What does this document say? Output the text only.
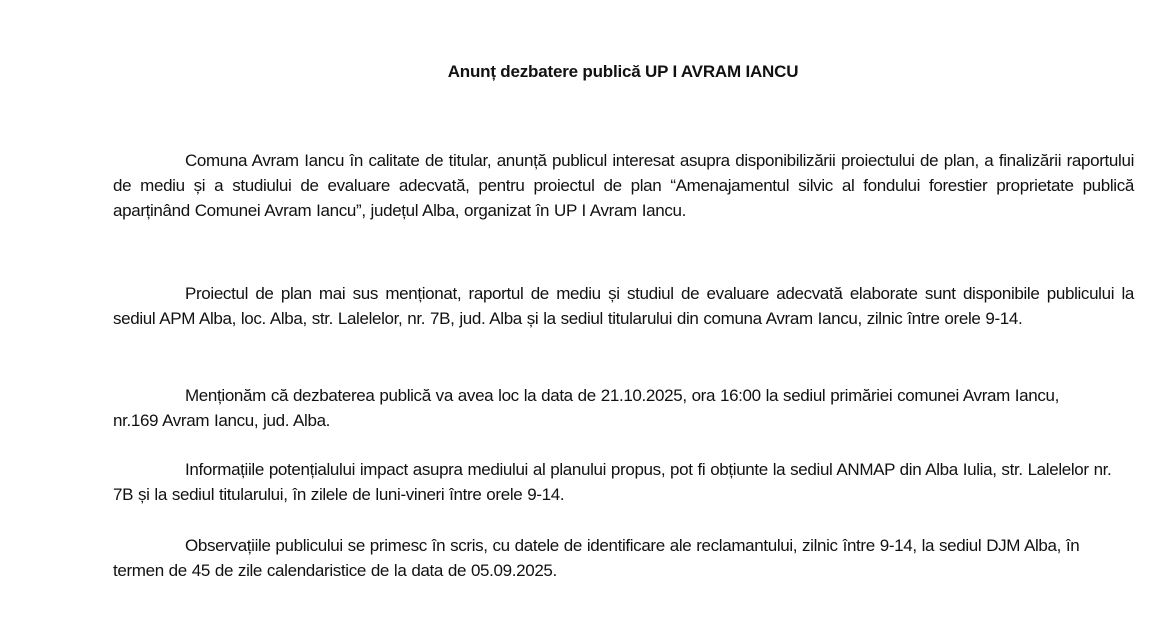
Anunț dezbatere publică UP I AVRAM IANCU

Comuna Avram Iancu în calitate de titular, anunță publicul interesat asupra disponibilizării proiectului de plan, a finalizării raportului de mediu și a studiului de evaluare adecvată, pentru proiectul de plan “Amenajamentul silvic al fondului forestier proprietate publică aparținând Comunei Avram Iancu”, județul Alba, organizat în UP I Avram Iancu.

Proiectul de plan mai sus menționat, raportul de mediu și studiul de evaluare adecvată elaborate sunt disponibile publicului la sediul APM Alba, loc. Alba, str. Lalelelor, nr. 7B, jud. Alba și la sediul titularului din comuna Avram Iancu, zilnic între orele 9-14.

Menționăm că dezbaterea publică va avea loc la data de 21.10.2025, ora 16:00 la sediul primăriei comunei Avram Iancu, nr.169 Avram Iancu, jud. Alba.

Informațiile potențialului impact asupra mediului al planului propus, pot fi obțiunte la sediul ANMAP din Alba Iulia, str. Lalelelor nr. 7B și la sediul titularului, în zilele de luni-vineri între orele 9-14.

Observațiile publicului se primesc în scris, cu datele de identificare ale reclamantului, zilnic între 9-14, la sediul DJM Alba, în termen de 45 de zile calendaristice de la data de 05.09.2025.
